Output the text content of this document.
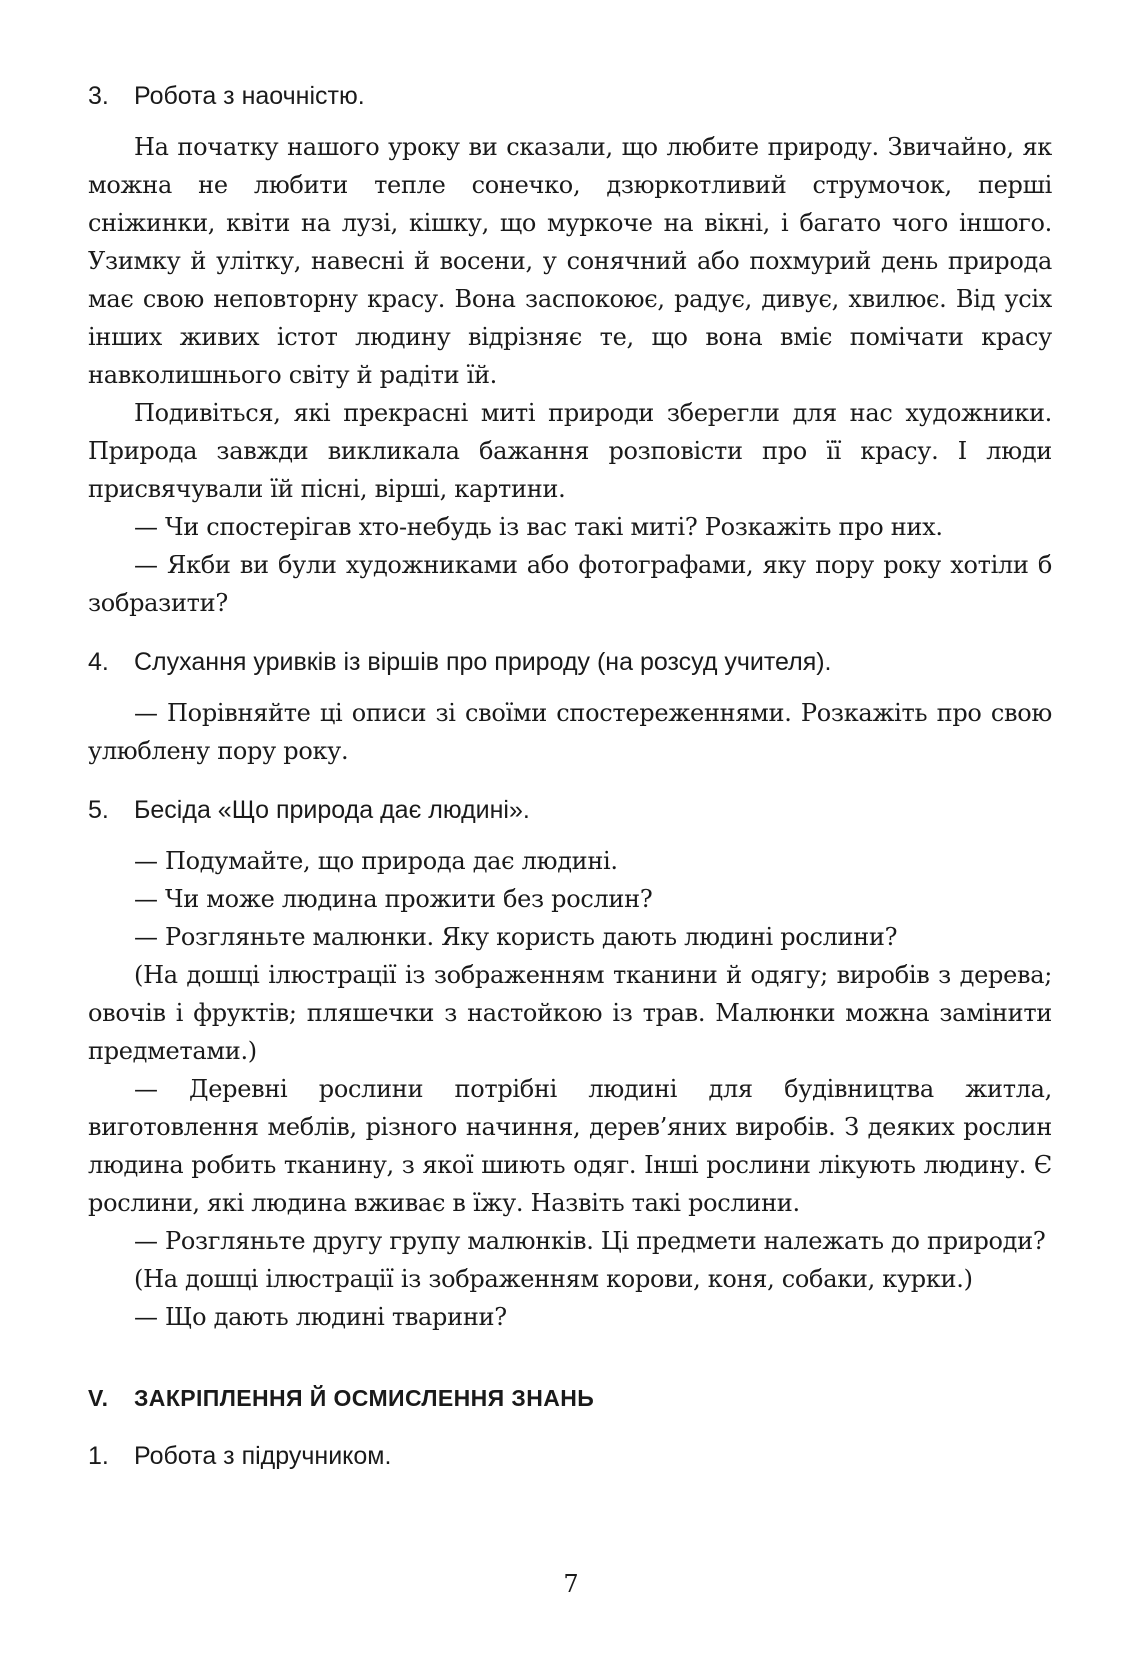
3. Робота з наочністю.

На початку нашого уроку ви сказали, що любите природу. Звичайно, як можна не любити тепле сонечко, дзюркотливий струмочок, перші сніжинки, квіти на лузі, кішку, що муркоче на вікні, і багато чого іншого. Узимку й улітку, навесні й восени, у сонячний або похмурий день природа має свою неповторну красу. Вона заспокоює, радує, дивує, хвилює. Від усіх інших живих істот людину відрізняє те, що вона вміє помічати красу навколишнього світу й радіти їй.

Подивіться, які прекрасні миті природи зберегли для нас художники. Природа завжди викликала бажання розповісти про її красу. І люди присвячували їй пісні, вірші, картини.

— Чи спостерігав хто-небудь із вас такі миті? Розкажіть про них.

— Якби ви були художниками або фотографами, яку пору року хотіли б зобразити?

4. Слухання уривків із віршів про природу (на розсуд учителя).

— Порівняйте ці описи зі своїми спостереженнями. Розкажіть про свою улюблену пору року.

5. Бесіда «Що природа дає людині».

— Подумайте, що природа дає людині.

— Чи може людина прожити без рослин?

— Розгляньте малюнки. Яку користь дають людині рослини?

(На дошці ілюстрації із зображенням тканини й одягу; виробів з дерева; овочів і фруктів; пляшечки з настойкою із трав. Малюнки можна замінити предметами.)

— Деревні рослини потрібні людині для будівництва житла, виготовлення меблів, різного начиння, дерев’яних виробів. З деяких рослин людина робить тканину, з якої шиють одяг. Інші рослини лікують людину. Є рослини, які людина вживає в їжу. Назвіть такі рослини.

— Розгляньте другу групу малюнків. Ці предмети належать до природи?

(На дошці ілюстрації із зображенням корови, коня, собаки, курки.)

— Що дають людині тварини?

V. ЗАКРІПЛЕННЯ Й ОСМИСЛЕННЯ ЗНАНЬ

1. Робота з підручником.

7
